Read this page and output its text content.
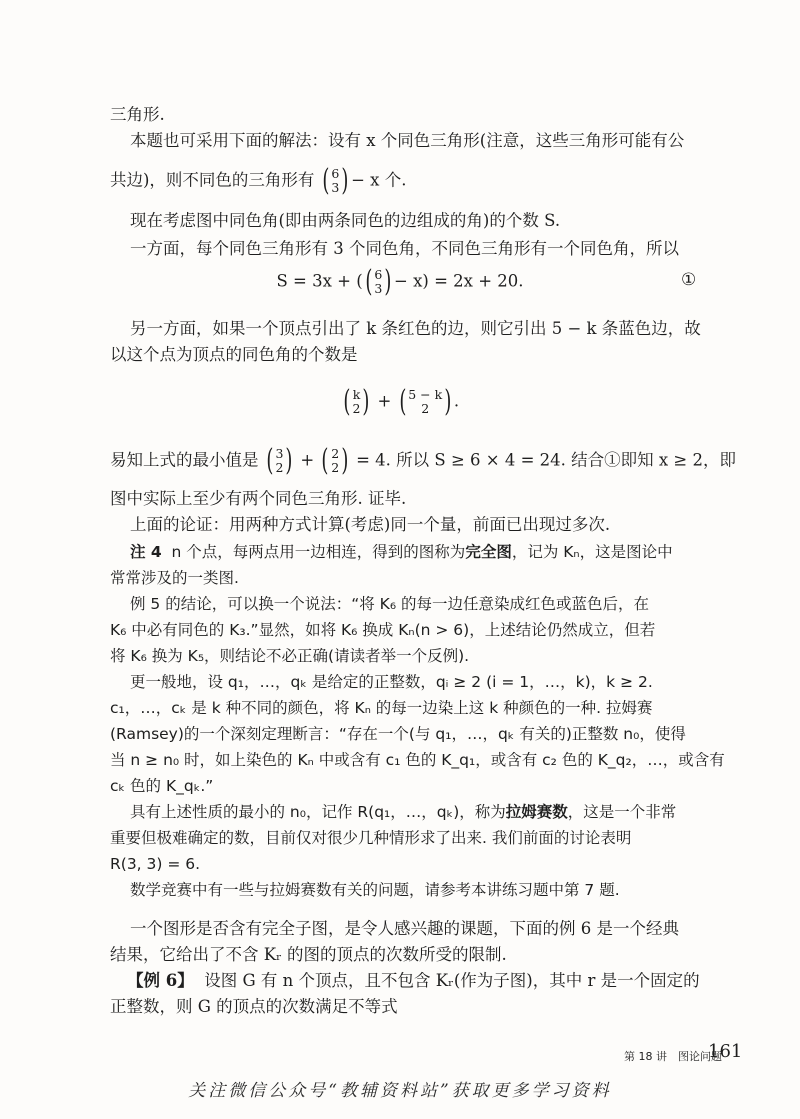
三角形.
本题也可采用下面的解法：设有 x 个同色三角形(注意，这些三角形可能有公
共边)，则不同色的三角形有 ( 6
3 ) − x 个.
现在考虑图中同色角(即由两条同色的边组成的角)的个数 S.
一方面，每个同色三角形有 3 个同色角，不同色三角形有一个同色角，所以
S = 3x + ( ( 6
3 ) − x) = 2x + 20.	①
另一方面，如果一个顶点引出了 k 条红色的边，则它引出 5 − k 条蓝色边，故
以这个点为顶点的同色角的个数是
( k
2 ) + ( 5 − k
2 ) .
易知上式的最小值是 ( 3
2 ) + ( 2
2 ) = 4. 所以 S ≥ 6 × 4 = 24. 结合①即知 x ≥ 2，即
图中实际上至少有两个同色三角形. 证毕.
上面的论证：用两种方式计算(考虑)同一个量，前面已出现过多次.
注 4 n 个点，每两点用一边相连，得到的图称为完全图，记为 Kₙ，这是图论中
常常涉及的一类图.
例 5 的结论，可以换一个说法：“将 K₆ 的每一边任意染成红色或蓝色后，在
K₆ 中必有同色的 K₃.”显然，如将 K₆ 换成 Kₙ(n > 6)，上述结论仍然成立，但若
将 K₆ 换为 K₅，则结论不必正确(请读者举一个反例).
更一般地，设 q₁，…，qₖ 是给定的正整数，qᵢ ≥ 2 (i = 1，…，k)，k ≥ 2.
c₁，…，cₖ 是 k 种不同的颜色，将 Kₙ 的每一边染上这 k 种颜色的一种. 拉姆赛
(Ramsey)的一个深刻定理断言：“存在一个(与 q₁，…，qₖ 有关的)正整数 n₀，使得
当 n ≥ n₀ 时，如上染色的 Kₙ 中或含有 c₁ 色的 K_q₁，或含有 c₂ 色的 K_q₂，…，或含有
cₖ 色的 K_qₖ.”
具有上述性质的最小的 n₀，记作 R(q₁，…，qₖ)，称为拉姆赛数，这是一个非常
重要但极难确定的数，目前仅对很少几种情形求了出来. 我们前面的讨论表明
R(3, 3) = 6.
数学竞赛中有一些与拉姆赛数有关的问题，请参考本讲练习题中第 7 题.
一个图形是否含有完全子图，是令人感兴趣的课题，下面的例 6 是一个经典
结果，它给出了不含 Kᵣ 的图的顶点的次数所受的限制.
【例 6】 设图 G 有 n 个顶点，且不包含 Kᵣ(作为子图)，其中 r 是一个固定的
正整数，则 G 的顶点的次数满足不等式
第 18 讲　图论问题
161
关注微信公众号“教辅资料站”获取更多学习资料
